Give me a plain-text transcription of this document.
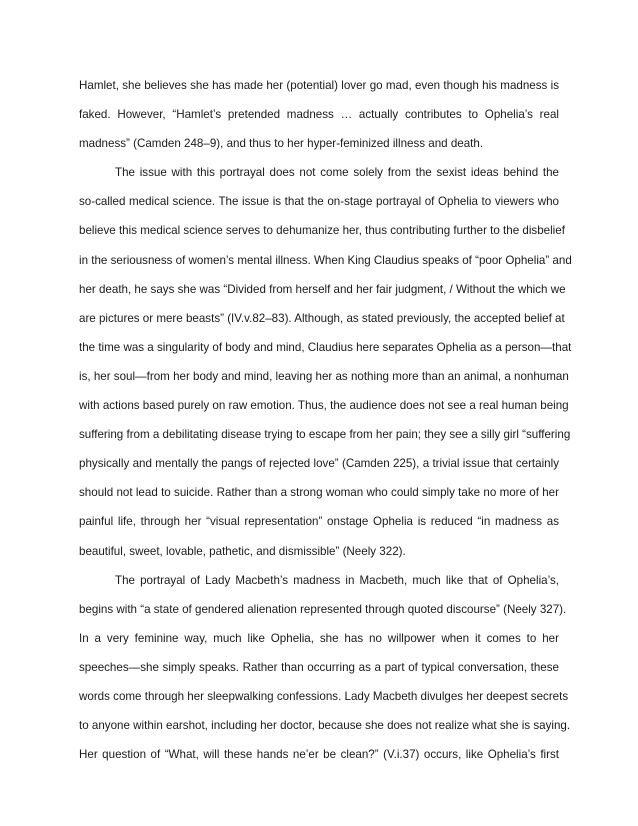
Hamlet, she believes she has made her (potential) lover go mad, even though his madness is
faked. However, “Hamlet’s pretended madness … actually contributes to Ophelia’s real
madness” (Camden 248–9), and thus to her hyper-feminized illness and death.
The issue with this portrayal does not come solely from the sexist ideas behind the
so-called medical science. The issue is that the on-stage portrayal of Ophelia to viewers who
believe this medical science serves to dehumanize her, thus contributing further to the disbelief
in the seriousness of women’s mental illness. When King Claudius speaks of “poor Ophelia” and
her death, he says she was “Divided from herself and her fair judgment, / Without the which we
are pictures or mere beasts” (IV.v.82–83). Although, as stated previously, the accepted belief at
the time was a singularity of body and mind, Claudius here separates Ophelia as a person—that
is, her soul—from her body and mind, leaving her as nothing more than an animal, a nonhuman
with actions based purely on raw emotion. Thus, the audience does not see a real human being
suffering from a debilitating disease trying to escape from her pain; they see a silly girl “suffering
physically and mentally the pangs of rejected love” (Camden 225), a trivial issue that certainly
should not lead to suicide. Rather than a strong woman who could simply take no more of her
painful life, through her “visual representation” onstage Ophelia is reduced “in madness as
beautiful, sweet, lovable, pathetic, and dismissible” (Neely 322).
The portrayal of Lady Macbeth’s madness in Macbeth, much like that of Ophelia’s,
begins with “a state of gendered alienation represented through quoted discourse” (Neely 327).
In a very feminine way, much like Ophelia, she has no willpower when it comes to her
speeches—she simply speaks. Rather than occurring as a part of typical conversation, these
words come through her sleepwalking confessions. Lady Macbeth divulges her deepest secrets
to anyone within earshot, including her doctor, because she does not realize what she is saying.
Her question of “What, will these hands ne’er be clean?” (V.i.37) occurs, like Ophelia’s first
